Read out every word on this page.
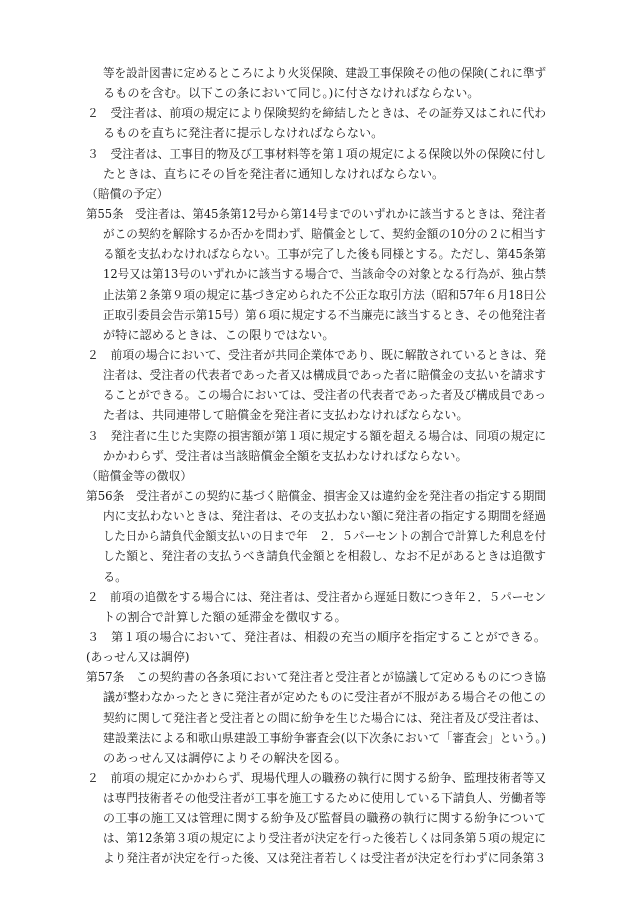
等を設計図書に定めるところにより火災保険、建設工事保険その他の保険(これに準ず
るものを含む。以下この条において同じ。)に付さなければならない。
２　受注者は、前項の規定により保険契約を締結したときは、その証券又はこれに代わ
るものを直ちに発注者に提示しなければならない。
３　受注者は、工事目的物及び工事材料等を第１項の規定による保険以外の保険に付し
たときは、直ちにその旨を発注者に通知しなければならない。
（賠償の予定）
第55条　受注者は、第45条第12号から第14号までのいずれかに該当するときは、発注者
がこの契約を解除するか否かを問わず、賠償金として、契約金額の10分の２に相当す
る額を支払わなければならない。工事が完了した後も同様とする。ただし、第45条第
12号又は第13号のいずれかに該当する場合で、当該命令の対象となる行為が、独占禁
止法第２条第９項の規定に基づき定められた不公正な取引方法（昭和57年６月18日公
正取引委員会告示第15号）第６項に規定する不当廉売に該当するとき、その他発注者
が特に認めるときは、この限りではない。
２　前項の場合において、受注者が共同企業体であり、既に解散されているときは、発
注者は、受注者の代表者であった者又は構成員であった者に賠償金の支払いを請求す
ることができる。この場合においては、受注者の代表者であった者及び構成員であっ
た者は、共同連帯して賠償金を発注者に支払わなければならない。
３　発注者に生じた実際の損害額が第１項に規定する額を超える場合は、同項の規定に
かかわらず、受注者は当該賠償金全額を支払わなければならない。
（賠償金等の徴収）
第56条　受注者がこの契約に基づく賠償金、損害金又は違約金を発注者の指定する期間
内に支払わないときは、発注者は、その支払わない額に発注者の指定する期間を経過
した日から請負代金額支払いの日まで年　２．５パーセントの割合で計算した利息を付
した額と、発注者の支払うべき請負代金額とを相殺し、なお不足があるときは追徴す
る。
２　前項の追徴をする場合には、発注者は、受注者から遅延日数につき年２．５パーセン
トの割合で計算した額の延滞金を徴収する。
３　第１項の場合において、発注者は、相殺の充当の順序を指定することができる。
(あっせん又は調停)
第57条　この契約書の各条項において発注者と受注者とが協議して定めるものにつき協
議が整わなかったときに発注者が定めたものに受注者が不服がある場合その他この
契約に関して発注者と受注者との間に紛争を生じた場合には、発注者及び受注者は、
建設業法による和歌山県建設工事紛争審査会(以下次条において「審査会」という。)
のあっせん又は調停によりその解決を図る。
２　前項の規定にかかわらず、現場代理人の職務の執行に関する紛争、監理技術者等又
は専門技術者その他受注者が工事を施工するために使用している下請負人、労働者等
の工事の施工又は管理に関する紛争及び監督員の職務の執行に関する紛争について
は、第12条第３項の規定により受注者が決定を行った後若しくは同条第５項の規定に
より発注者が決定を行った後、又は発注者若しくは受注者が決定を行わずに同条第３
